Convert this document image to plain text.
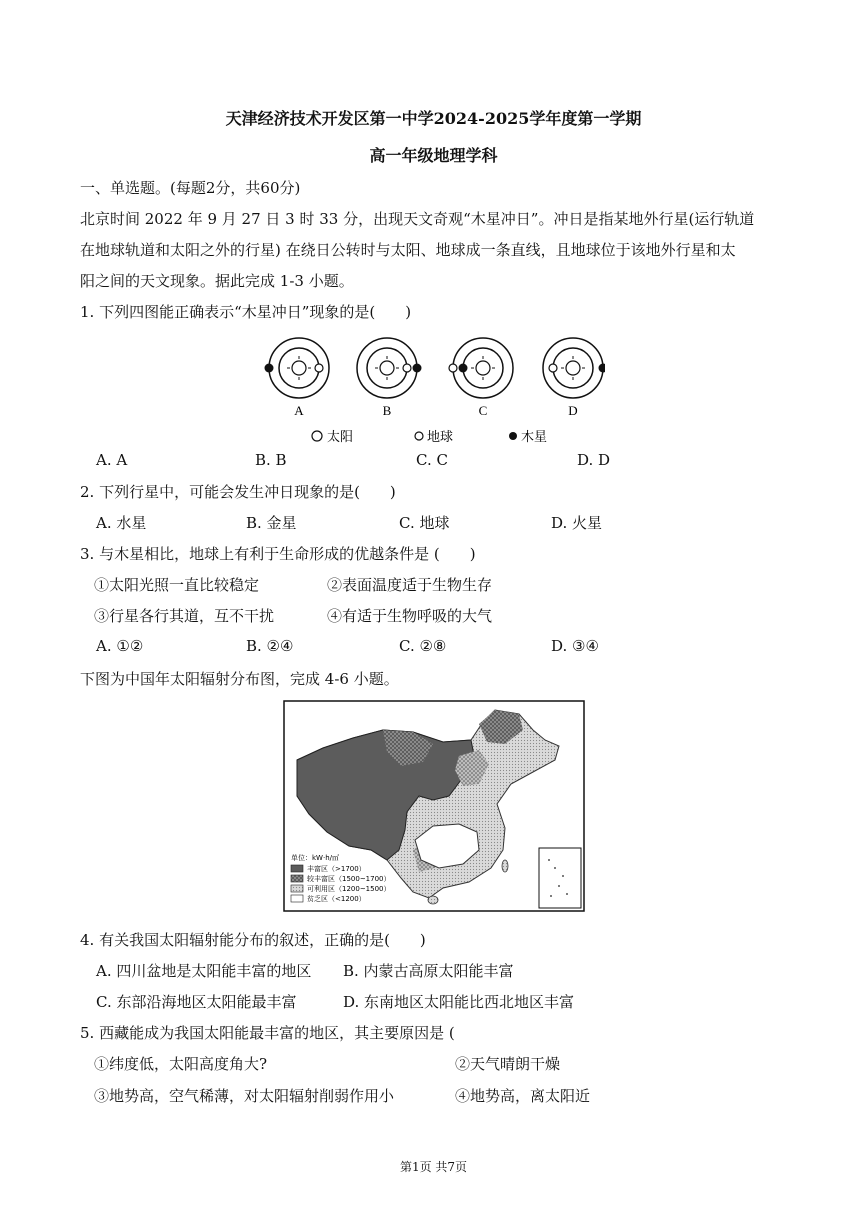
天津经济技术开发区第一中学2024-2025学年度第一学期
高一年级地理学科
一、单选题。(每题2分，共60分)
北京时间 2022 年 9 月 27 日 3 时 33 分，出现天文奇观“木星冲日”。冲日是指某地外行星(运行轨道
在地球轨道和太阳之外的行星) 在绕日公转时与太阳、地球成一条直线，且地球位于该地外行星和太
阳之间的天文现象。据此完成 1-3 小题。
1. 下列四图能正确表示“木星冲日”现象的是(　　)
A	B	C	D
太阳	地球	木星
A. A	B. B	C. C	D. D
2. 下列行星中，可能会发生冲日现象的是(　　)
A. 水星	B. 金星	C. 地球	D. 火星
3. 与木星相比，地球上有利于生命形成的优越条件是 (　　)
①太阳光照一直比较稳定	②表面温度适于生物生存
③行星各行其道，互不干扰	④有适于生物呼吸的大气
A. ①②	B. ②④	C. ②⑧	D. ③④
下图为中国年太阳辐射分布图，完成 4-6 小题。
单位：kW·h/㎡
丰富区（>1700）
较丰富区（1500~1700）
可利用区（1200~1500）
贫乏区（<1200）
4. 有关我国太阳辐射能分布的叙述，正确的是(　　)
A. 四川盆地是太阳能丰富的地区 B. 内蒙古高原太阳能丰富
C. 东部沿海地区太阳能最丰富	D. 东南地区太阳能比西北地区丰富
5. 西藏能成为我国太阳能最丰富的地区，其主要原因是 (
①纬度低，太阳高度角大?	②天气晴朗干燥
③地势高，空气稀薄，对太阳辐射削弱作用小	④地势高，离太阳近
第1页 共7页
